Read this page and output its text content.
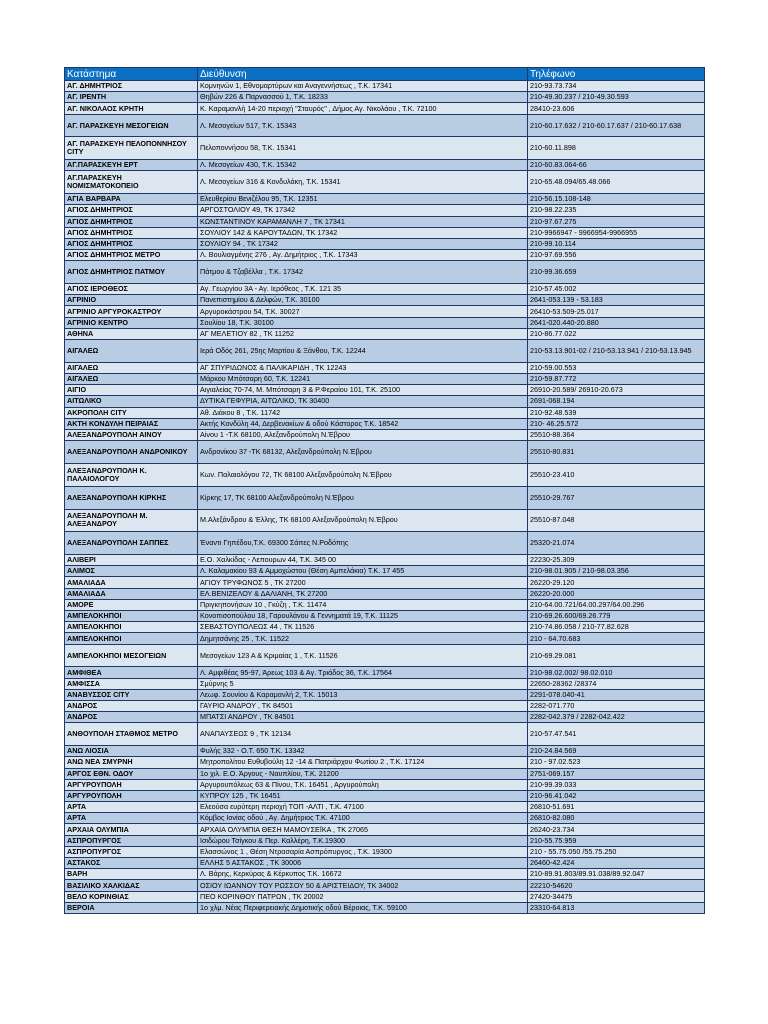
Κατάστημα	Διεύθυνση	Τηλέφωνο
ΑΓ. ΔΗΜΗΤΡΙΟΣ	Κομνηνών 1, Εθνομαρτύρων και Αναγεννήσεως , Τ.Κ. 17341	210-93.73.734
ΑΓ. ΙΡΕΝΤΗ	Θηβών 226 & Παρνασσού 1, Τ.Κ. 18233	210-49.30.237 / 210-49.30.593
ΑΓ. ΝΙΚΟΛΑΟΣ ΚΡΗΤΗ	Κ. Καραμανλή 14-20 περιοχή "Σταυρός" , Δήμος Αγ. Νικολάου , Τ.Κ. 72100	28410-23.606
ΑΓ. ΠΑΡΑΣΚΕΥΗ ΜΕΣΟΓΕΙΩΝ	Λ. Μεσογείων 517, Τ.Κ. 15343	210-60.17.632 / 210-60.17.637 / 210-60.17.638
ΑΓ. ΠΑΡΑΣΚΕΥΗ ΠΕΛΟΠΟΝΝΗΣΟΥ CITY	Πελοποννήσου 58, Τ.Κ. 15341	210-60.11.898
ΑΓ.ΠΑΡΑΣΚΕΥΗ ΕΡΤ	Λ. Μεσογείων 430, Τ.Κ. 15342	210-60.83.064-66
ΑΓ.ΠΑΡΑΣΚΕΥΗ ΝΟΜΙΣΜΑΤΟΚΟΠΕΙΟ	Λ. Μεσογείων 316 & Κονδυλάκη, Τ.Κ. 15341	210-65.48.094/65.48.066
ΑΓΙΑ ΒΑΡΒΑΡΑ	Ελευθερίου Βενιζέλου 95, Τ.Κ. 12351	210-56.15.108-148
ΑΓΙΟΣ ΔΗΜΗΤΡΙΟΣ	ΑΡΓΟΣΤΟΛΙΟΥ 49, ΤΚ 17342	210-98.22.235
ΑΓΙΟΣ ΔΗΜΗΤΡΙΟΣ	ΚΩΝΣΤΑΝΤΙΝΟΥ ΚΑΡΑΜΑΝΛΗ 7 , ΤΚ 17341	210-97.67.275
ΑΓΙΟΣ ΔΗΜΗΤΡΙΟΣ	ΣΟΥΛΙΟΥ 142 & ΚΑΡΟΥΤΑΔΩΝ, ΤΚ 17342	210-9966947 - 9966954-9966955
ΑΓΙΟΣ ΔΗΜΗΤΡΙΟΣ	ΣΟΥΛΙΟΥ 94 , ΤΚ 17342	210-99.10.114
ΑΓΙΟΣ ΔΗΜΗΤΡΙΟΣ ΜΕΤΡΟ	Λ. Βουλιαγμένης 276 , Αγ. Δημήτριος , Τ.Κ. 17343	210-97.69.556
ΑΓΙΟΣ ΔΗΜΗΤΡΙΟΣ ΠΑΤΜΟΥ	Πάτμου & Τζαβέλλα , Τ.Κ. 17342	210-99.36.659
ΑΓΙΟΣ ΙΕΡΟΘΕΟΣ	Αγ. Γεωργίου 3Α - Αγ. Ιερόθεος , Τ.Κ. 121 35	210-57.45.002
ΑΓΡΙΝΙΟ	Πανεπιστημίου & Δελφών, Τ.Κ. 30100	2641-053.139 - 53.183
ΑΓΡΙΝΙΟ ΑΡΓΥΡΟΚΑΣΤΡΟΥ	Αργυροκάστρου 54, Τ.Κ. 30027	26410-53.509-25.017
ΑΓΡΙΝΙΟ ΚΕΝΤΡΟ	Σουλίου 18, Τ.Κ. 30100	2641-020.440-20.880
ΑΘΗΝΑ	ΑΓ ΜΕΛΕΤΙΟΥ 82 , ΤΚ 11252	210-86.77.022
ΑΙΓΑΛΕΩ	Ιερά Οδός 261, 25ης Μαρτίου & Ξάνθου, Τ.Κ. 12244	210-53.13.901-02 / 210-53.13.941 / 210-53.13.945
ΑΙΓΑΛΕΩ	ΑΓ ΣΠΥΡΙΔΩΝΟΣ & ΠΑΛΙΚΑΡΙΔΗ , ΤΚ 12243	210-59.00.553
ΑΙΓΑΛΕΩ	Μάρκου Μπότσαρη 60, Τ.Κ. 12241	210-59.87.772
ΑΙΓΙΟ	Αιγιαλείας 70-74, Μ. Μπότσαρη 3 & Ρ.Φεραίου 101, Τ.Κ. 25100	26910-20.589/ 26910-20.673
ΑΙΤΩΛΙΚΟ	ΔΥΤΙΚΑ ΓΕΦΥΡΙΑ, ΑΙΤΩΛΙΚΟ, ΤΚ 30400	2691-068.194
ΑΚΡΟΠΟΛΗ CITY	Αθ. Διάκου 8 , Τ.Κ. 11742	210-92.48.539
ΑΚΤΗ ΚΟΝΔΥΛΗ ΠΕΙΡΑΙΑΣ	Ακτής Κονδύλη 44, Δερβενακίων & οδού Κάστορος Τ.Κ. 18542	210- 46.25.572
ΑΛΕΞΑΝΔΡΟΥΠΟΛΗ ΑΙΝΟΥ	Αίνου 1 -Τ.Κ 68100, Αλεξανδρούπολη Ν.Έβρου	25510-88.364
ΑΛΕΞΑΝΔΡΟΥΠΟΛΗ ΑΝΔΡΟΝΙΚΟΥ	Ανδρονίκου 37 -ΤΚ 68132, Αλεξανδρούπολη Ν.Έβρου	25510-80.831
ΑΛΕΞΑΝΔΡΟΥΠΟΛΗ Κ. ΠΑΛΑΙΟΛΟΓΟΥ	Κων. Παλαιολόγου 72, ΤΚ 68100 Αλεξανδρούπολη Ν.Έβρου	25510-23.410
ΑΛΕΞΑΝΔΡΟΥΠΟΛΗ ΚΙΡΚΗΣ	Κίρκης 17, ΤΚ 68100 Αλεξανδρούπολη Ν.Έβρου	25510-29.767
ΑΛΕΞΑΝΔΡΟΥΠΟΛΗ Μ. ΑΛΕΞΑΝΔΡΟΥ	Μ.Αλεξάνδρου & Έλλης, ΤΚ 68100 Αλεξανδρούπολη Ν.Έβρου	25510-87.048
ΑΛΕΞΑΝΔΡΟΥΠΟΛΗ ΣΑΠΠΕΣ	Έναντι Γηπέδου,Τ.Κ. 69300 Σάπες Ν.Ροδόπης	25320-21.074
ΑΛΙΒΕΡΙ	Ε.Ο. Χαλκίδας - Λεπουρων 44, Τ.Κ. 345 00	22230-25.309
ΑΛΙΜΟΣ	Λ. Καλαμακίου 93 & Αμμοχώστου (Θέση Αμπελάκια) Τ.Κ. 17 455	210-98.01.905 / 210-98.03.356
ΑΜΑΛΙΑΔΑ	ΑΓΙΟΥ ΤΡΥΦΩΝΟΣ 5 , ΤΚ 27200	26220-29.120
ΑΜΑΛΙΑΔΑ	ΕΛ.ΒΕΝΙΖΕΛΟΥ & ΔΑΛΙΑΝΗ, ΤΚ 27200	26220-20.000
ΑΜΟΡΕ	Πριγκηπονήσων 10 , Γκύζη , Τ.Κ. 11474	210-64.00.721/64.00.297/64.00.296
ΑΜΠΕΛΟΚΗΠΟΙ	Κονοπισοπούλου 18, Γαρουλάνου & Γεννηματά 19, Τ.Κ. 11125	210-69.26.600/69.26.779
ΑΜΠΕΛΟΚΗΠΟΙ	ΣΕΒΑΣΤΟΥΠΟΛΕΩΣ 44 , ΤΚ 11526	210-74.86.058 / 210-77.82.628
ΑΜΠΕΛΟΚΗΠΟΙ	Δημητσάνης 25 , Τ.Κ. 11522	210 - 64.70.683
ΑΜΠΕΛΟΚΗΠΟΙ ΜΕΣΟΓΕΙΩΝ	Μεσογείων 123 Α & Κριμαίας 1 , Τ.Κ. 11526	210-69.29.081
ΑΜΦΙΘΕΑ	Λ. Αμφιθέας 95-97, Άρεως 103 & Αγ. Τριάδος 36, Τ.Κ. 17564	210-98.02.002/ 98.02.010
ΑΜΦΙΣΣΑ	Σμύρνης 5	22650-28362 /28374
ΑΝΑΒΥΣΣΟΣ CITY	Λεωφ. Σουνίου & Καραμανλή 2, Τ.Κ. 15013	2291-078.040-41
ΑΝΔΡΟΣ	ΓΑΥΡΙΟ ΑΝΔΡΟΥ , ΤΚ 84501	2282-071.770
ΑΝΔΡΟΣ	ΜΠΑΤΣΙ ΑΝΔΡΟΥ , ΤΚ 84501	2282-042.379 / 2282-042.422
ΑΝΘΟΥΠΟΛΗ ΣΤΑΘΜΟΣ ΜΕΤΡΟ	ΑΝΑΠΑΥΣΕΩΣ 9 , ΤΚ 12134	210-57.47.541
ΑΝΩ ΛΙΟΣΙΑ	Φυλής 332 - Ο.Τ. 650 Τ.Κ. 13342	210-24.84.569
ΑΝΩ ΝΕΑ ΣΜΥΡΝΗ	Μητροπολίτου Ευθυβούλη 12 -14 & Πατριάρχου Φωτίου 2 , Τ.Κ. 17124	210 - 97.02.523
ΑΡΓΟΣ ΕΘΝ. ΟΔΟΥ	1ο χιλ. Ε.Ο. Άργους - Ναυπλίου, Τ.Κ. 21200	2751-069.157
ΑΡΓΥΡΟΥΠΟΛΗ	Αργυρουπόλεως 63 & Πίνου, Τ.Κ. 16451 , Αργυρούπολη	210-99.39.033
ΑΡΓΥΡΟΥΠΟΛΗ	ΚΥΠΡΟΥ 125 , ΤΚ 16451	210-96.41.042
ΑΡΤΑ	Ελεούσα ευρύτερη περιοχή ΤΟΠ -ΑΛΤΙ , Τ.Κ. 47100	26810-51.691
ΑΡΤΑ	Κόμβος Ιονίας οδού , Αγ. Δημήτριος Τ.Κ. 47100	26810-82.080
ΑΡΧΑΙΑ ΟΛΥΜΠΙΑ	ΑΡΧΑΙΑ ΟΛΥΜΠΙΑ ΘΕΣΗ ΜΑΜΟΥΣΕΪΚΑ , ΤΚ 27065	26240-23.734
ΑΣΠΡΟΠΥΡΓΟΣ	Ισιδώρου Τσίγκου & Περ. Καλλέρη, Τ.Κ.19300	210-55.75.959
ΑΣΠΡΟΠΥΡΓΟΣ	Ελασσώνος 1 , Θέση Ντρασαρία Ασπρόπυργος , Τ.Κ. 19300	210 - 55.75.050 /55.75.250
ΑΣΤΑΚΟΣ	ΕΛΛΗΣ 5 ΑΣΤΑΚΟΣ , ΤΚ 30006	26460-42.424
ΒΑΡΗ	Λ. Βάρης, Κερκύρας & Κέρκυπος Τ.Κ. 16672	210-89.91.803/89.91.038/89.92.047
ΒΑΣΙΛΙΚΟ ΧΑΛΚΙΔΑΣ	ΟΣΙΟΥ ΙΩΑΝΝΟΥ ΤΟΥ ΡΩΣΣΟΥ 50 & ΑΡΙΣΤΕΙΔΟΥ, ΤΚ 34002	22210-54620
ΒΕΛΟ ΚΟΡΙΝΘΙΑΣ	ΠΕΟ ΚΟΡΙΝΘΟΥ ΠΑΤΡΩΝ , ΤΚ 20002	27420-34475
ΒΕΡΟΙΑ	1ο χλμ. Νέας Περιφερειακής Δημοτικής οδού Βέροιας, Τ.Κ. 59100	23310-64.813
